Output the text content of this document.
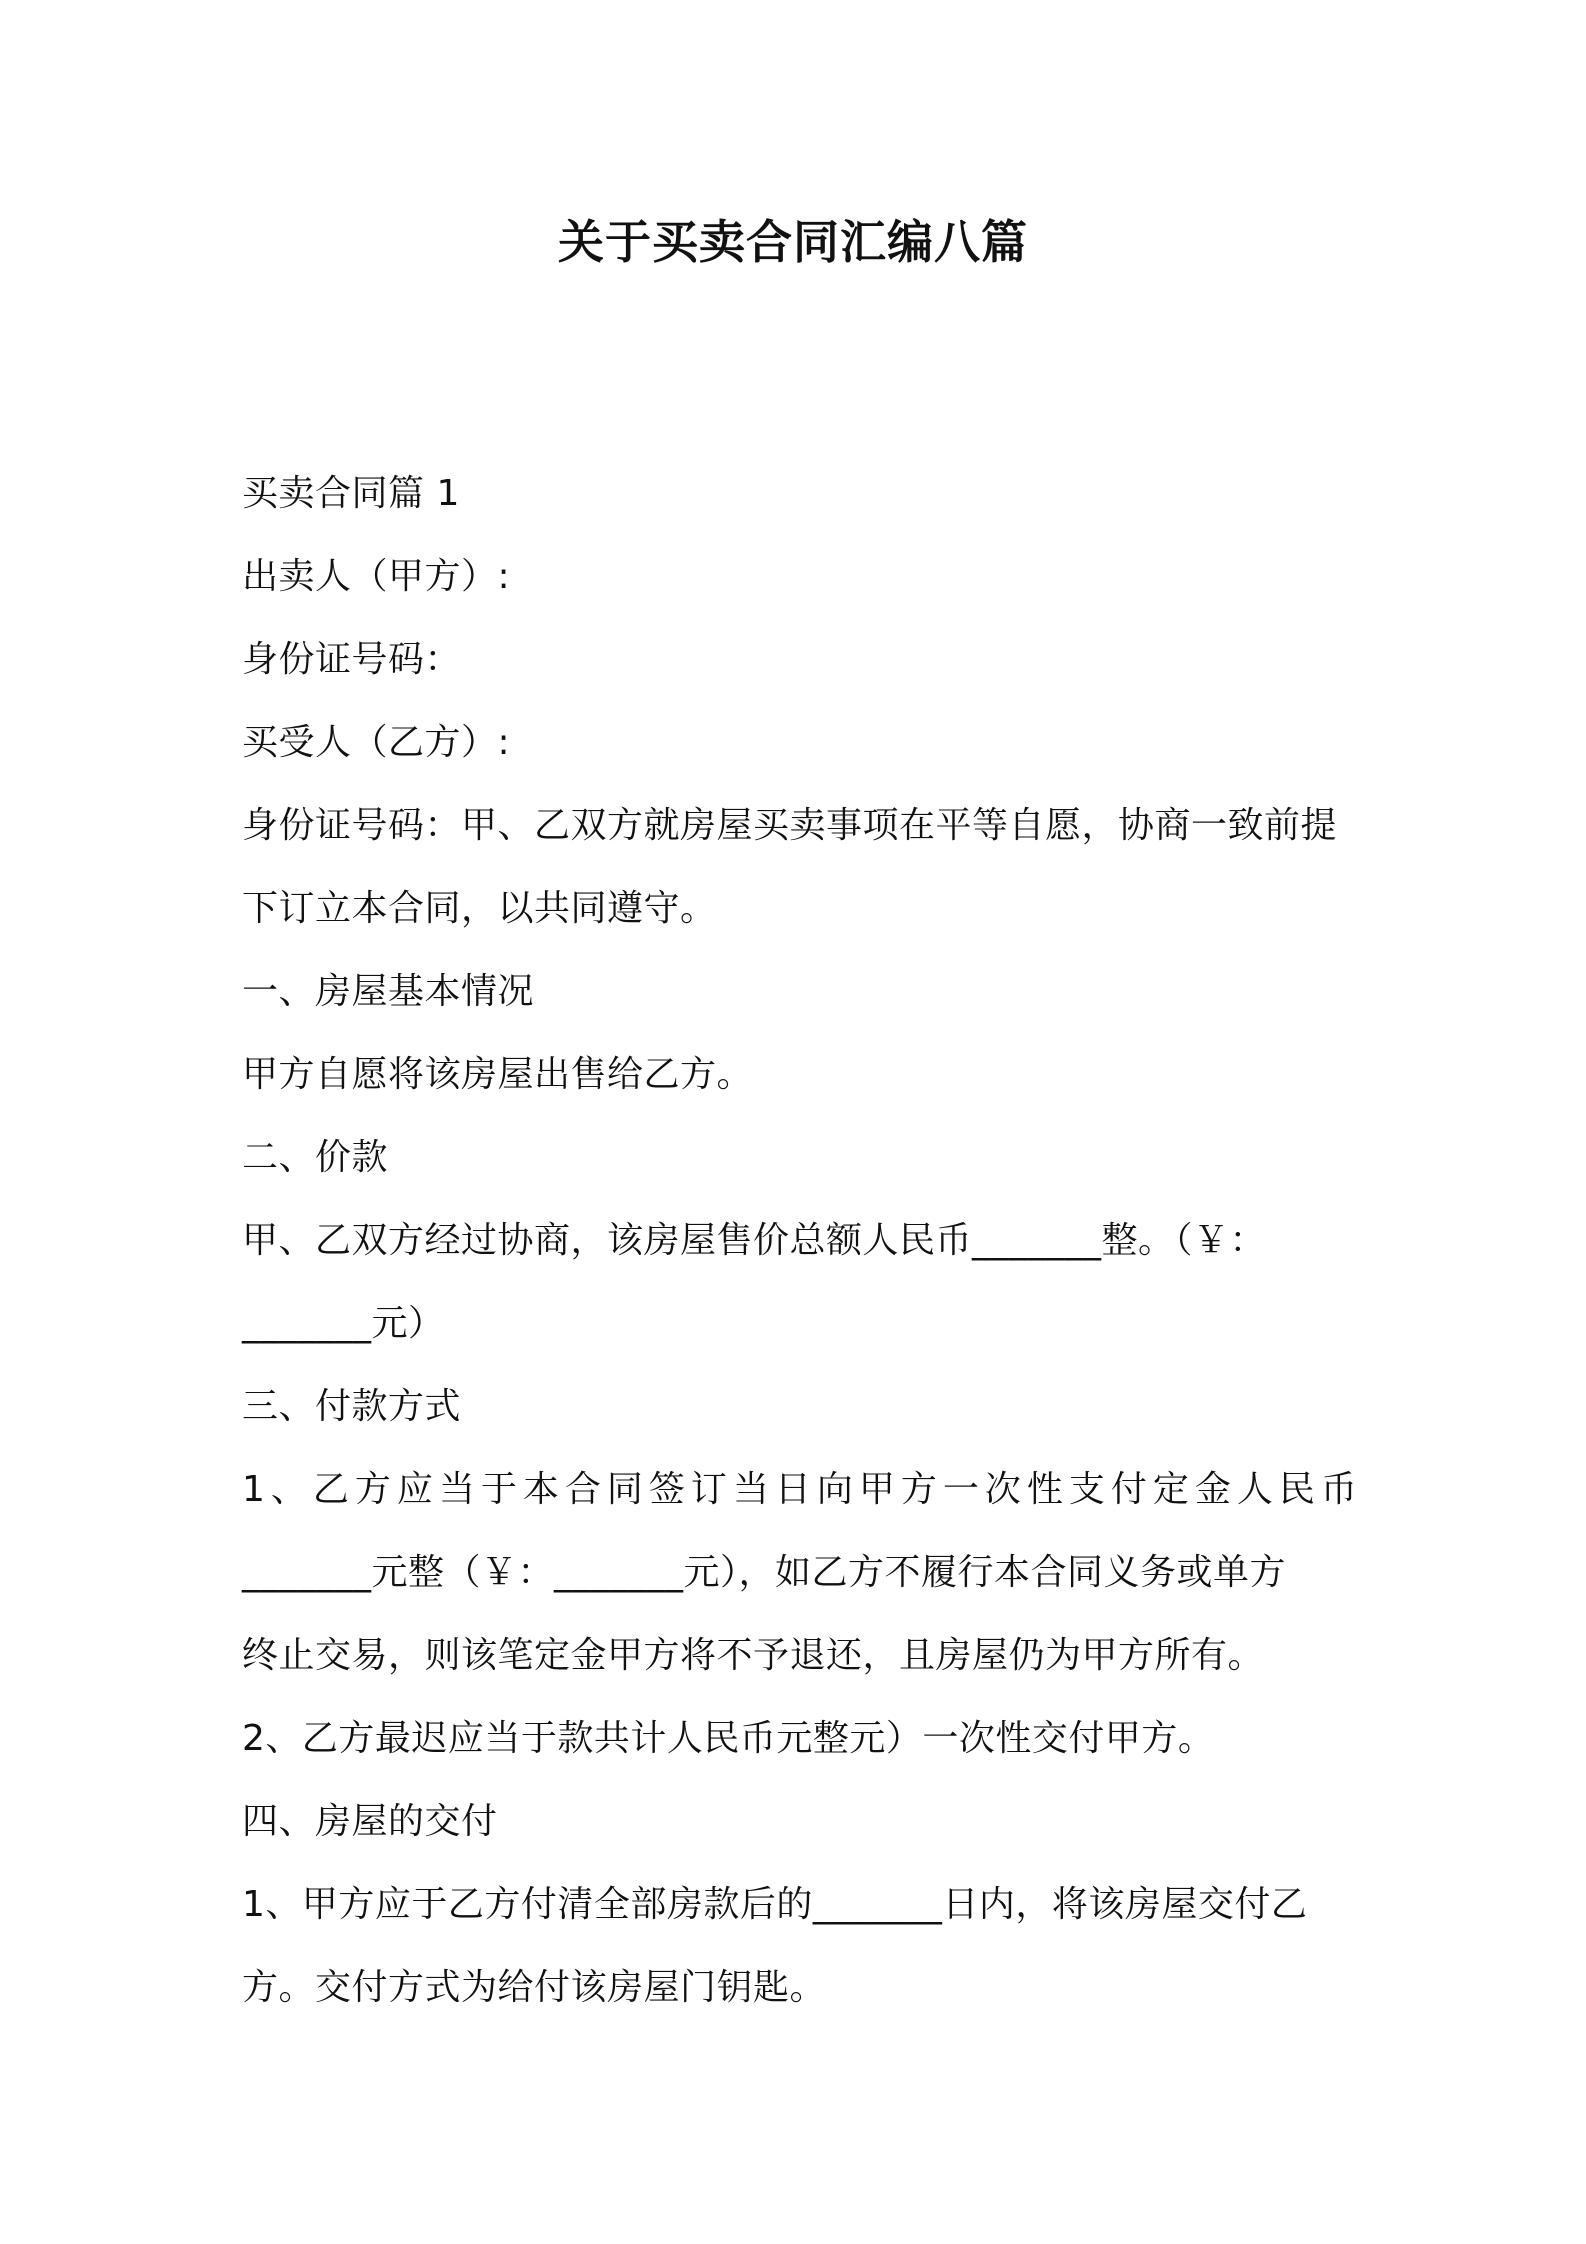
关于买卖合同汇编八篇

买卖合同篇 1

出卖人（甲方）:

身份证号码：

买受人（乙方）:

身份证号码：甲、乙双方就房屋买卖事项在平等自愿，协商一致前提

下订立本合同，以共同遵守。

一、房屋基本情况

甲方自愿将该房屋出售给乙方。

二、价款

甲、乙双方经过协商，该房屋售价总额人民币_______整。（￥：

_______元）

三、付款方式

1、乙方应当于本合同签订当日向甲方一次性支付定金人民币

_______元整（￥：_______元），如乙方不履行本合同义务或单方

终止交易，则该笔定金甲方将不予退还，且房屋仍为甲方所有。

2、乙方最迟应当于款共计人民币元整元）一次性交付甲方。

四、房屋的交付

1、甲方应于乙方付清全部房款后的_______日内，将该房屋交付乙

方。交付方式为给付该房屋门钥匙。
